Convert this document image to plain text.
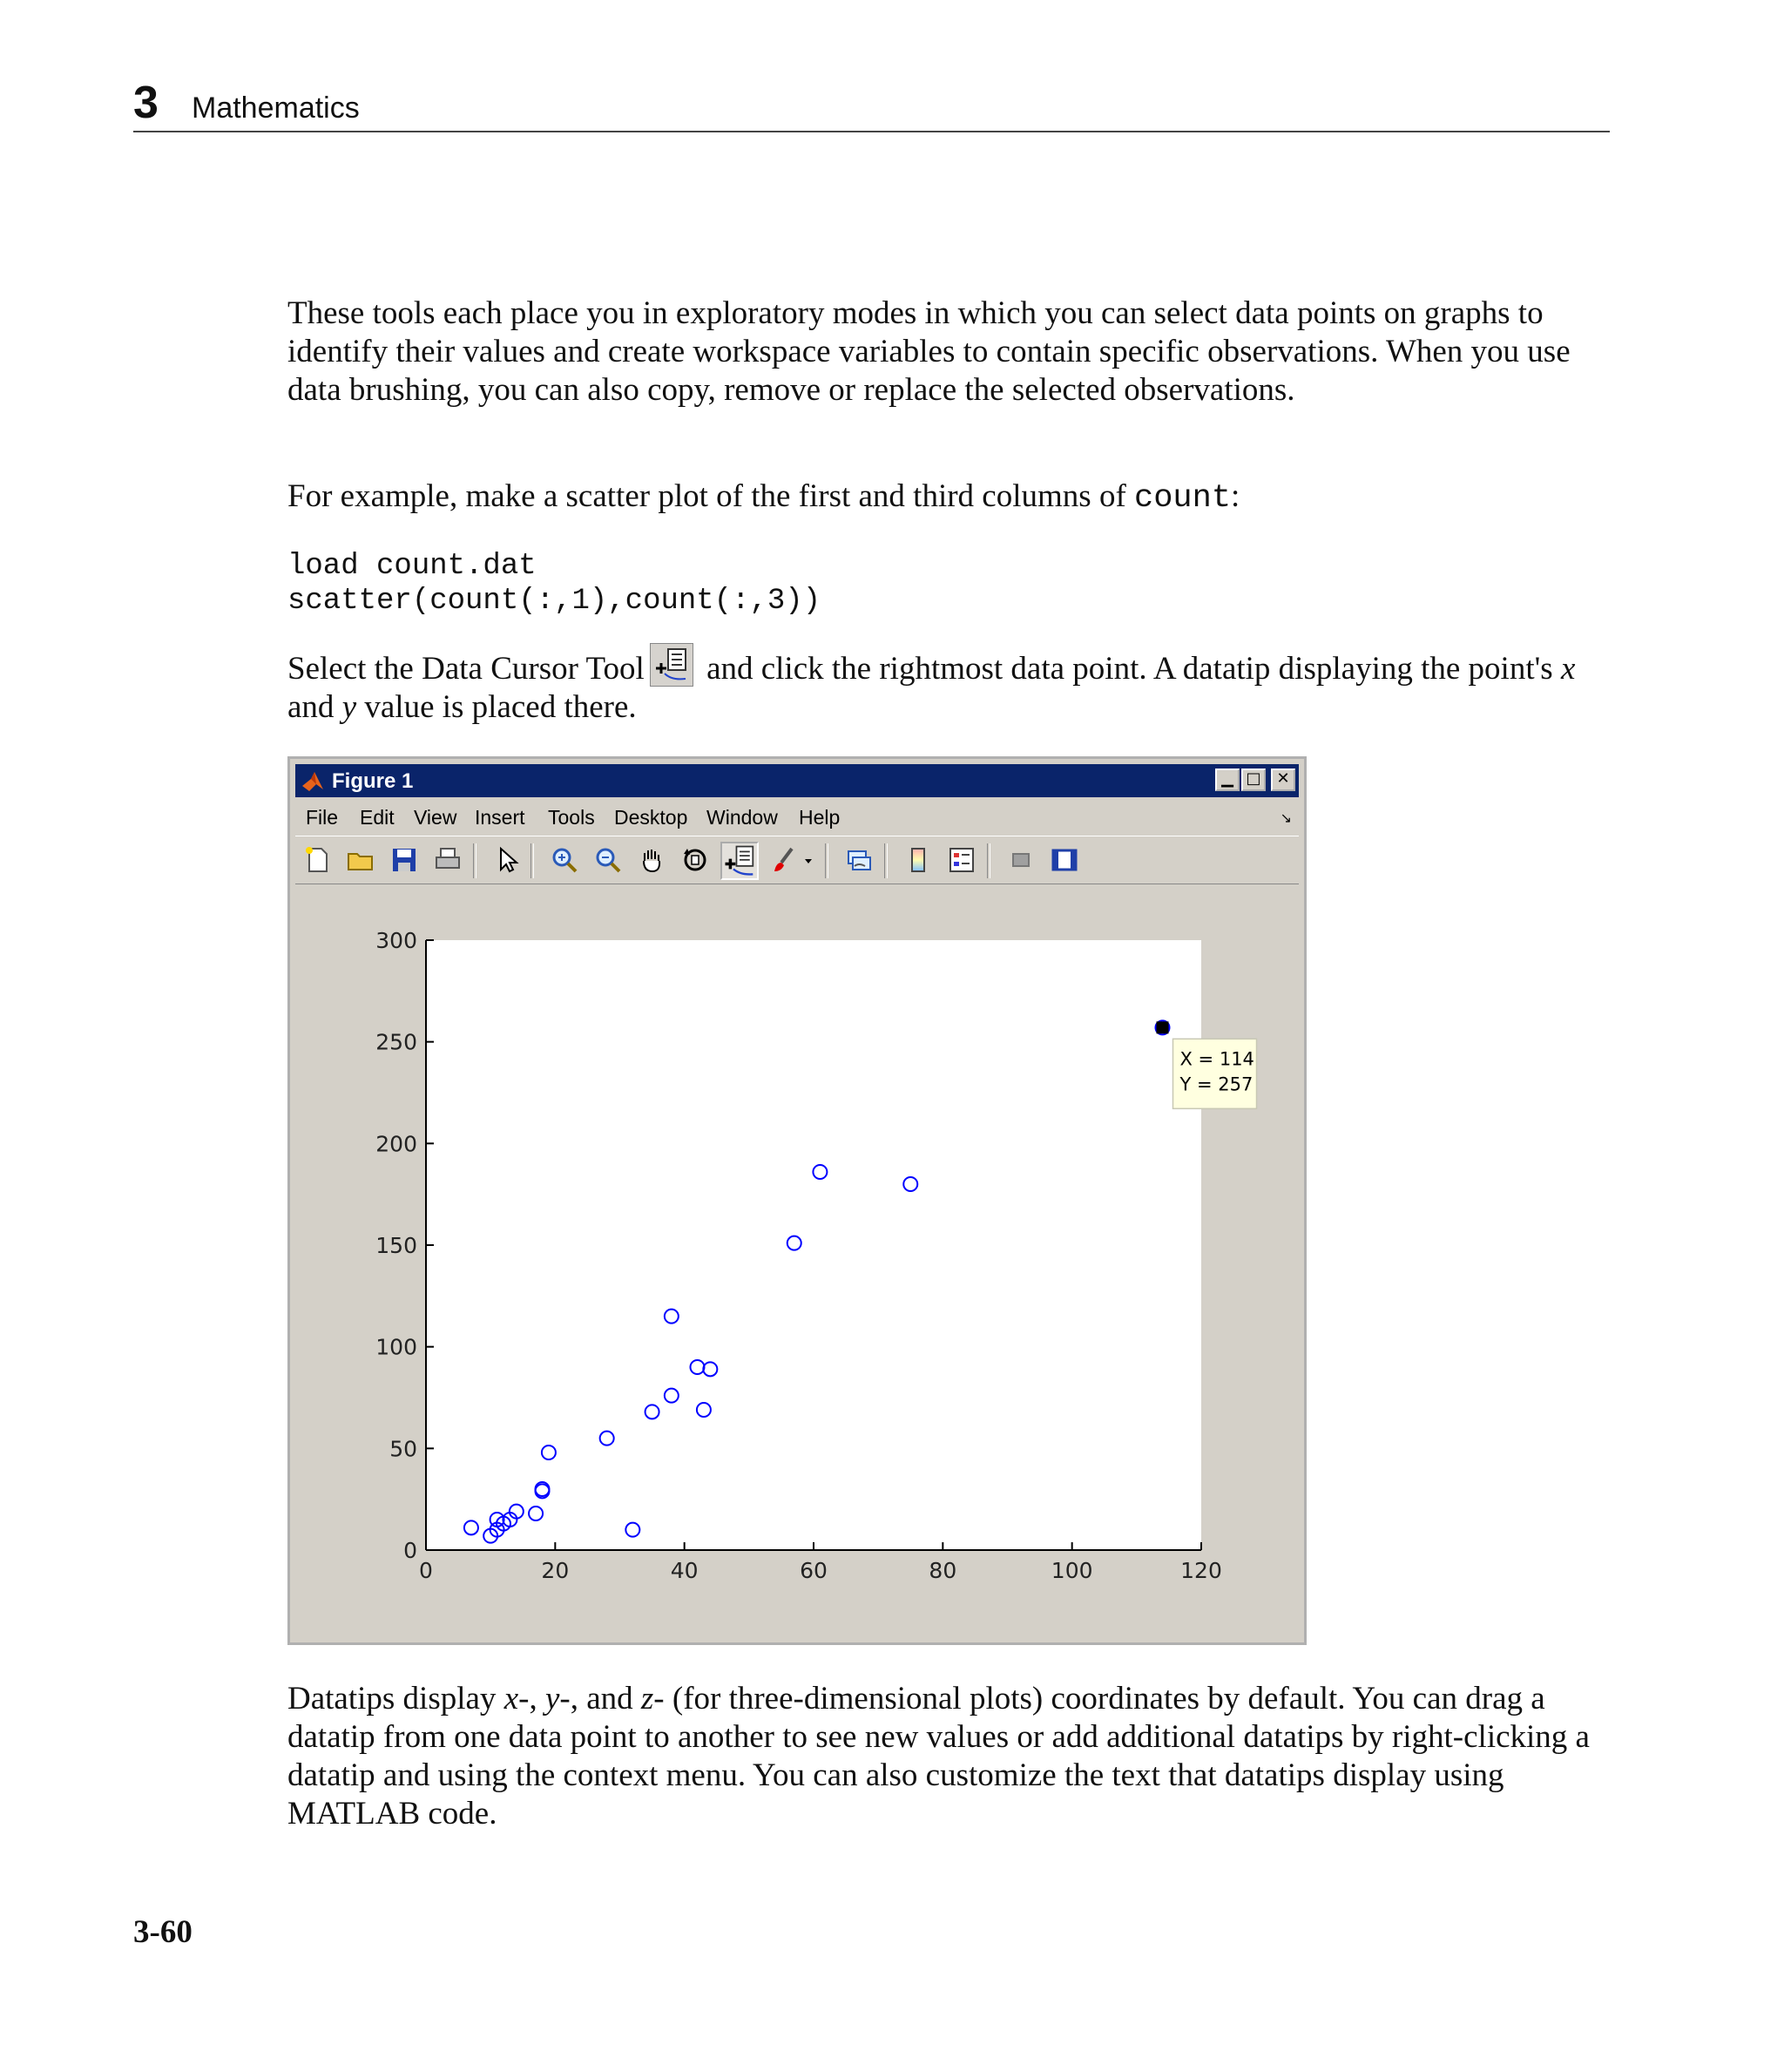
3 Mathematics

These tools each place you in exploratory modes in which you can select data points on graphs to identify their values and create workspace variables to contain specific observations. When you use data brushing, you can also copy, remove or replace the selected observations.

For example, make a scatter plot of the first and third columns of count:

load count.dat
scatter(count(:,1),count(:,3))

Select the Data Cursor Tool and click the rightmost data point. A datatip displaying the point's x and y value is placed there.

Figure 1	▁ □ ✕
File Edit View Insert Tools Desktop Window Help	↘
0
50
100
150
200
250
300
0	20	40	60	80	100	120
X = 114
Y = 257

Datatips display x-, y-, and z- (for three-dimensional plots) coordinates by default. You can drag a datatip from one data point to another to see new values or add additional datatips by right-clicking a datatip and using the context menu. You can also customize the text that datatips display using MATLAB code.

3-60
